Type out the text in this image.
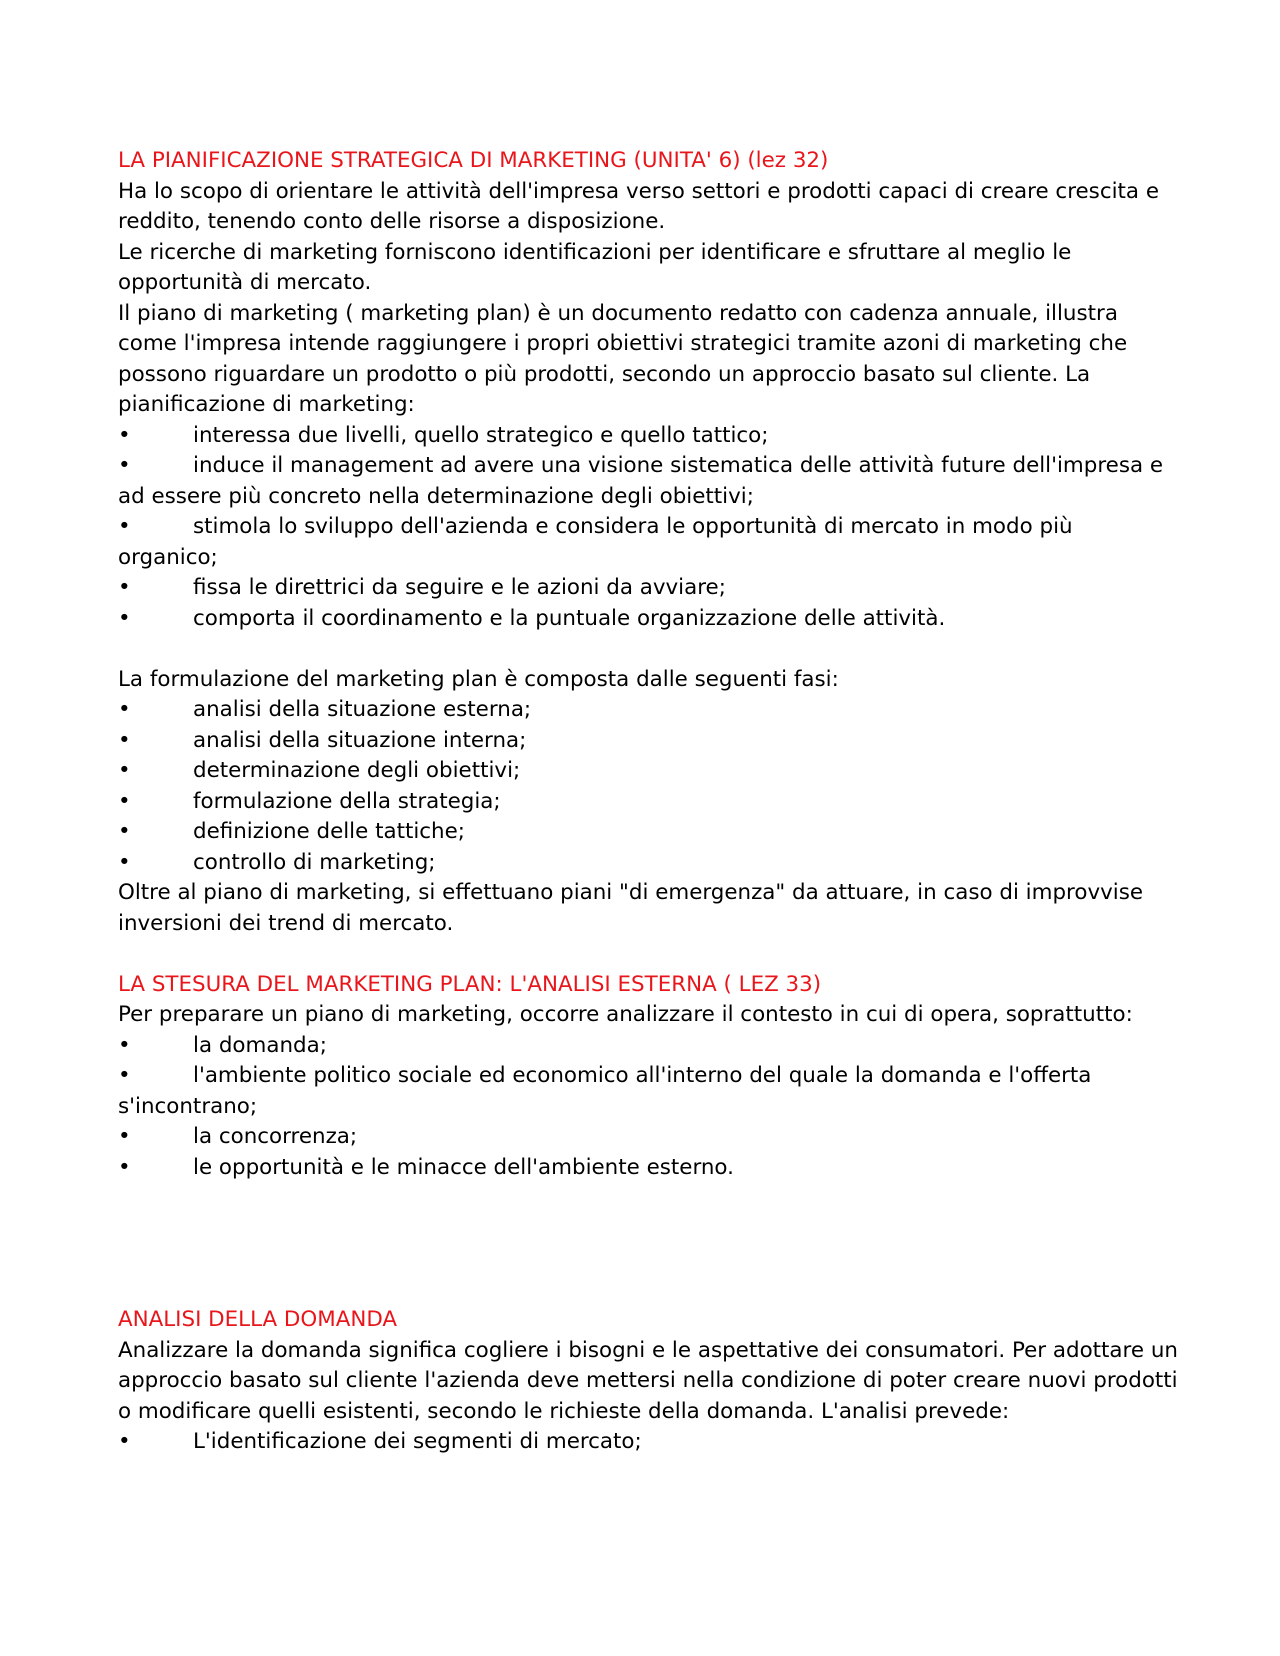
LA PIANIFICAZIONE STRATEGICA DI MARKETING (UNITA' 6) (lez 32)

Ha lo scopo di orientare le attività dell'impresa verso settori e prodotti capaci di creare crescita e reddito, tenendo conto delle risorse a disposizione.

Le ricerche di marketing forniscono identificazioni per identificare e sfruttare al meglio le opportunità di mercato.

Il piano di marketing ( marketing plan) è un documento redatto con cadenza annuale, illustra come l'impresa intende raggiungere i propri obiettivi strategici tramite azoni di marketing che possono riguardare un prodotto o più prodotti, secondo un approccio basato sul cliente. La pianificazione di marketing:

•	interessa due livelli, quello strategico e quello tattico;

•	induce il management ad avere una visione sistematica delle attività future dell'impresa e ad essere più concreto nella determinazione degli obiettivi;

•	stimola lo sviluppo dell'azienda e considera le opportunità di mercato in modo più organico;

•	fissa le direttrici da seguire e le azioni da avviare;

•	comporta il coordinamento e la puntuale organizzazione delle attività.

La formulazione del marketing plan è composta dalle seguenti fasi:

•	analisi della situazione esterna;

•	analisi della situazione interna;

•	determinazione degli obiettivi;

•	formulazione della strategia;

•	definizione delle tattiche;

•	controllo di marketing;

Oltre al piano di marketing, si effettuano piani "di emergenza" da attuare, in caso di improvvise inversioni dei trend di mercato.

LA STESURA DEL MARKETING PLAN: L'ANALISI ESTERNA ( LEZ 33)

Per preparare un piano di marketing, occorre analizzare il contesto in cui di opera, soprattutto:

•	la domanda;

•	l'ambiente politico sociale ed economico all'interno del quale la domanda e l'offerta s'incontrano;

•	la concorrenza;

•	le opportunità e le minacce dell'ambiente esterno.

ANALISI DELLA DOMANDA

Analizzare la domanda significa cogliere i bisogni e le aspettative dei consumatori. Per adottare un approccio basato sul cliente l'azienda deve mettersi nella condizione di poter creare nuovi prodotti o modificare quelli esistenti, secondo le richieste della domanda. L'analisi prevede:

•	L'identificazione dei segmenti di mercato;
